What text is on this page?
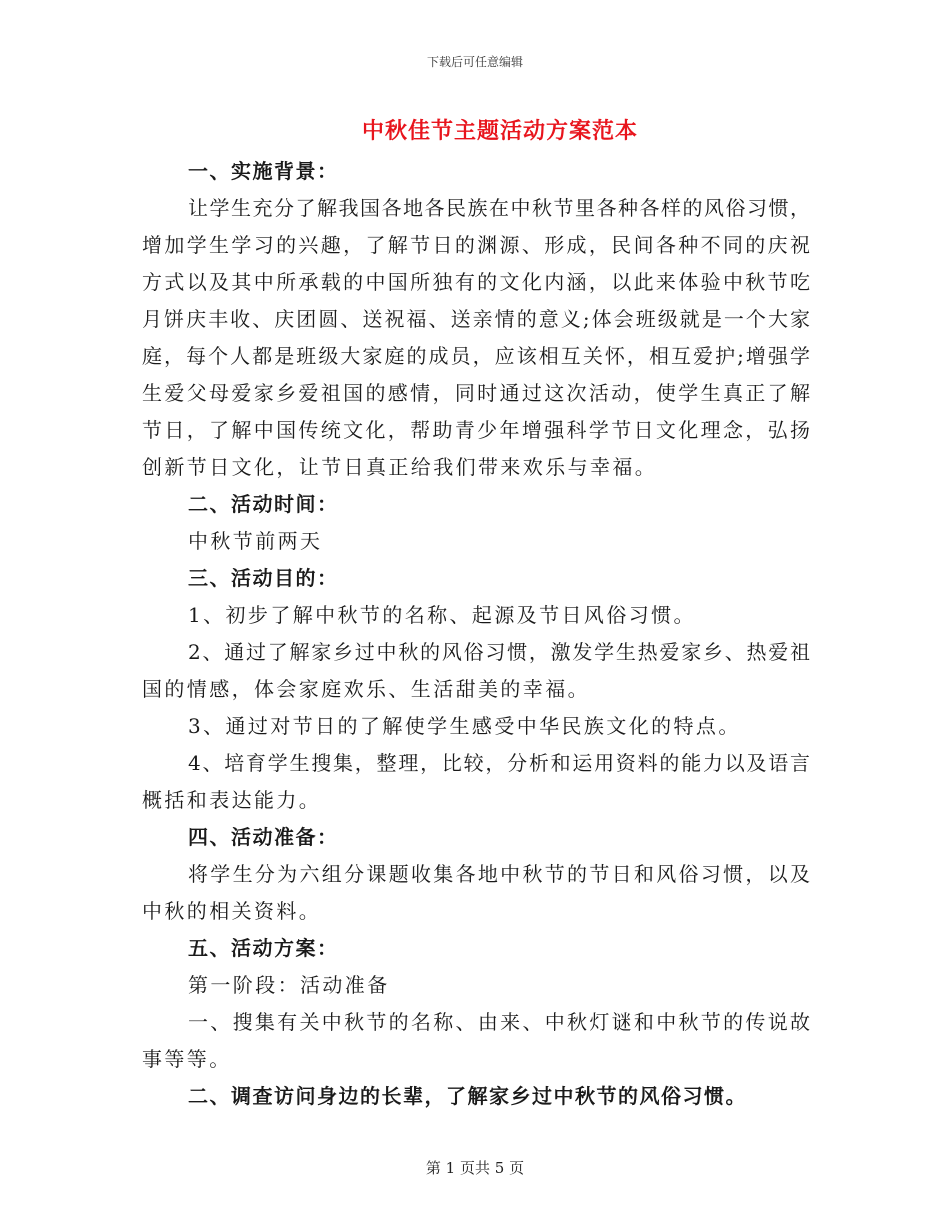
下载后可任意编辑
中秋佳节主题活动方案范本
一、实施背景：
让学生充分了解我国各地各民族在中秋节里各种各样的风俗习惯，
增加学生学习的兴趣，了解节日的渊源、形成，民间各种不同的庆祝
方式以及其中所承载的中国所独有的文化内涵，以此来体验中秋节吃
月饼庆丰收、庆团圆、送祝福、送亲情的意义;体会班级就是一个大家
庭，每个人都是班级大家庭的成员，应该相互关怀，相互爱护;增强学
生爱父母爱家乡爱祖国的感情，同时通过这次活动，使学生真正了解
节日，了解中国传统文化，帮助青少年增强科学节日文化理念，弘扬
创新节日文化，让节日真正给我们带来欢乐与幸福。
二、活动时间：
中秋节前两天
三、活动目的：
1、初步了解中秋节的名称、起源及节日风俗习惯。
2、通过了解家乡过中秋的风俗习惯，激发学生热爱家乡、热爱祖
国的情感，体会家庭欢乐、生活甜美的幸福。
3、通过对节日的了解使学生感受中华民族文化的特点。
4、培育学生搜集，整理，比较，分析和运用资料的能力以及语言
概括和表达能力。
四、活动准备：
将学生分为六组分课题收集各地中秋节的节日和风俗习惯，以及
中秋的相关资料。
五、活动方案：
第一阶段：活动准备
一、搜集有关中秋节的名称、由来、中秋灯谜和中秋节的传说故
事等等。
二、调查访问身边的长辈，了解家乡过中秋节的风俗习惯。
第 1 页共 5 页
